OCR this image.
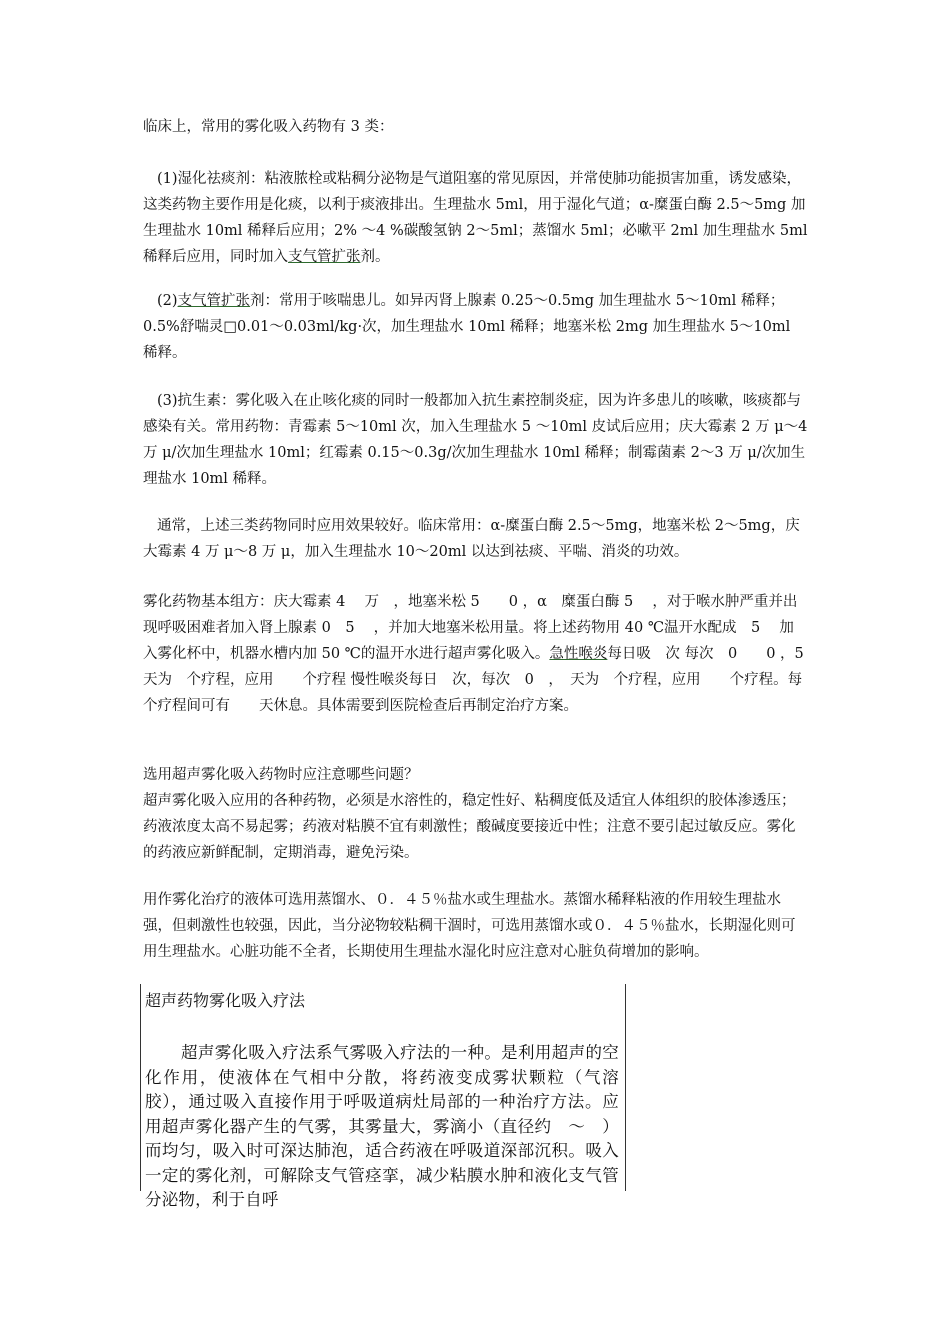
临床上，常用的雾化吸入药物有 3 类：

(1)湿化祛痰剂：粘液脓栓或粘稠分泌物是气道阻塞的常见原因，并常使肺功能损害加重，诱发感染，这类药物主要作用是化痰，以利于痰液排出。生理盐水 5ml，用于湿化气道；α-糜蛋白酶 2.5～5mg 加生理盐水 10ml 稀释后应用；2% ～4 %碳酸氢钠 2～5ml；蒸馏水 5ml；必嗽平 2ml 加生理盐水 5ml 稀释后应用，同时加入支气管扩张剂。

(2)支气管扩张剂：常用于咳喘患儿。如异丙肾上腺素 0.25～0.5mg 加生理盐水 5～10ml 稀释；0.5%舒喘灵□0.01～0.03ml/kg·次，加生理盐水 10ml 稀释；地塞米松 2mg 加生理盐水 5～10ml 稀释。

(3)抗生素：雾化吸入在止咳化痰的同时一般都加入抗生素控制炎症，因为许多患儿的咳嗽，咳痰都与感染有关。常用药物：青霉素 5～10ml 次，加入生理盐水 5 ～10ml 皮试后应用；庆大霉素 2 万 μ～4 万 μ/次加生理盐水 10ml；红霉素 0.15～0.3g/次加生理盐水 10ml 稀释；制霉菌素 2～3 万 μ/次加生理盐水 10ml 稀释。

通常，上述三类药物同时应用效果较好。临床常用：α-糜蛋白酶 2.5～5mg，地塞米松 2～5mg，庆大霉素 4 万 μ～8 万 μ，加入生理盐水 10～20ml 以达到祛痰、平喘、消炎的功效。

雾化药物基本组方：庆大霉素 4　 万　，地塞米松 5　　0 ，α　糜蛋白酶 5　 ，对于喉水肿严重并出现呼吸困难者加入肾上腺素 0　5　 ，并加大地塞米松用量。将上述药物用 40 ℃温开水配成　5　 加入雾化杯中，机器水槽内加 50 ℃的温开水进行超声雾化吸入。急性喉炎每日吸　次 每次　0　　0 ，5 天为　个疗程，应用　　个疗程 慢性喉炎每日　次，每次　0　，　天为　个疗程，应用　　个疗程。每个疗程间可有　　天休息。具体需要到医院检查后再制定治疗方案。

选用超声雾化吸入药物时应注意哪些问题？

超声雾化吸入应用的各种药物，必须是水溶性的，稳定性好、粘稠度低及适宜人体组织的胶体渗透压；药液浓度太高不易起雾；药液对粘膜不宜有刺激性；酸碱度要接近中性；注意不要引起过敏反应。雾化的药液应新鲜配制，定期消毒，避免污染。

用作雾化治疗的液体可选用蒸馏水、０．４５％盐水或生理盐水。蒸馏水稀释粘液的作用较生理盐水强，但刺激性也较强，因此，当分泌物较粘稠干涸时，可选用蒸馏水或０．４５％盐水，长期湿化则可用生理盐水。心脏功能不全者，长期使用生理盐水湿化时应注意对心脏负荷增加的影响。

超声药物雾化吸入疗法
超声雾化吸入疗法系气雾吸入疗法的一种。是利用超声的空化作用，使液体在气相中分散，将药液变成雾状颗粒（气溶胶），通过吸入直接作用于呼吸道病灶局部的一种治疗方法。应用超声雾化器产生的气雾，其雾量大，雾滴小（直径约　～　）而均匀，吸入时可深达肺泡，适合药液在呼吸道深部沉积。吸入一定的雾化剂，可解除支气管痉挛，减少粘膜水肿和液化支气管分泌物，利于自呼
